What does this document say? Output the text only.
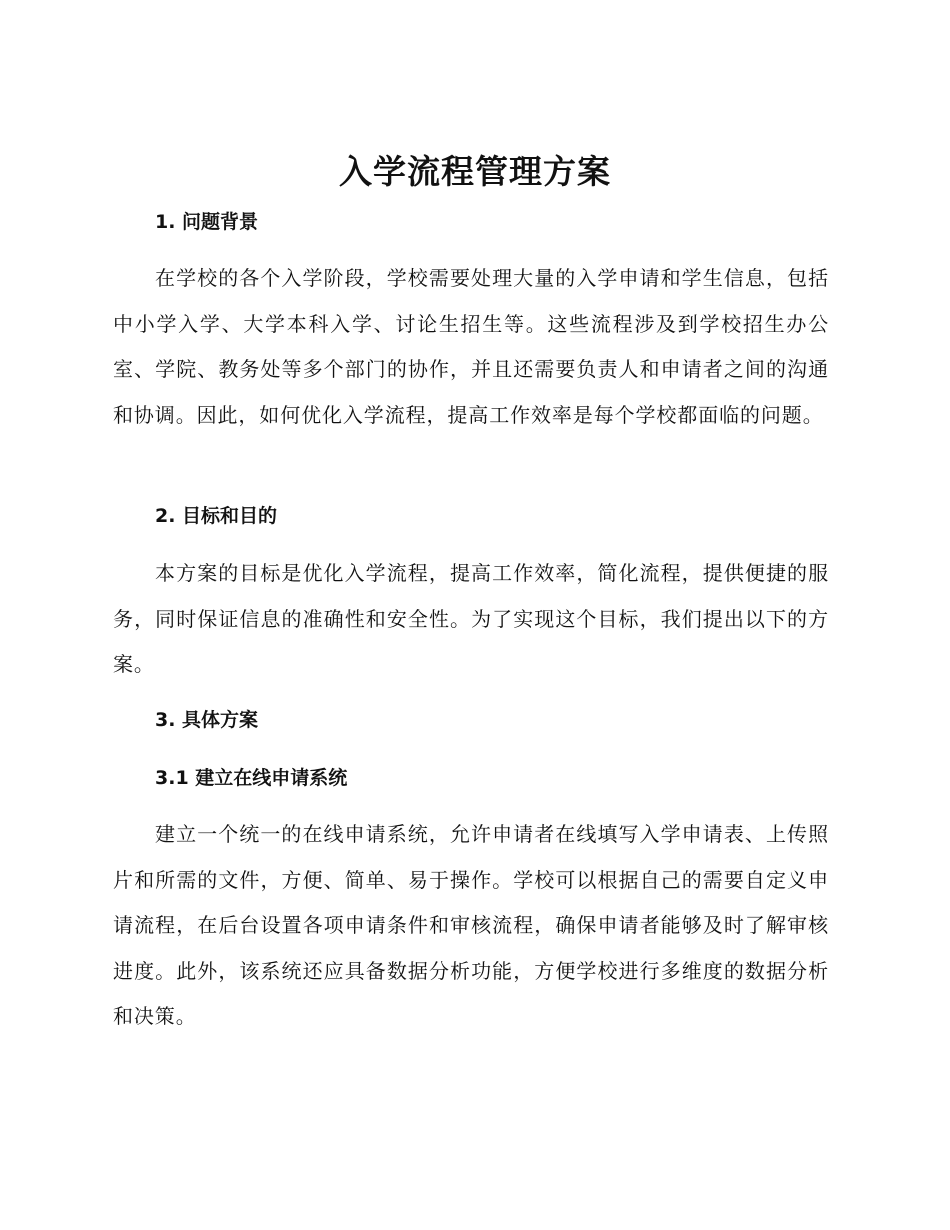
入学流程管理方案
1. 问题背景

在学校的各个入学阶段，学校需要处理大量的入学申请和学生信息，包括中小学入学、大学本科入学、讨论生招生等。这些流程涉及到学校招生办公室、学院、教务处等多个部门的协作，并且还需要负责人和申请者之间的沟通和协调。因此，如何优化入学流程，提高工作效率是每个学校都面临的问题。

2. 目标和目的

本方案的目标是优化入学流程，提高工作效率，简化流程，提供便捷的服务，同时保证信息的准确性和安全性。为了实现这个目标，我们提出以下的方案。

3. 具体方案
3.1 建立在线申请系统

建立一个统一的在线申请系统，允许申请者在线填写入学申请表、上传照片和所需的文件，方便、简单、易于操作。学校可以根据自己的需要自定义申请流程，在后台设置各项申请条件和审核流程，确保申请者能够及时了解审核进度。此外，该系统还应具备数据分析功能，方便学校进行多维度的数据分析和决策。
